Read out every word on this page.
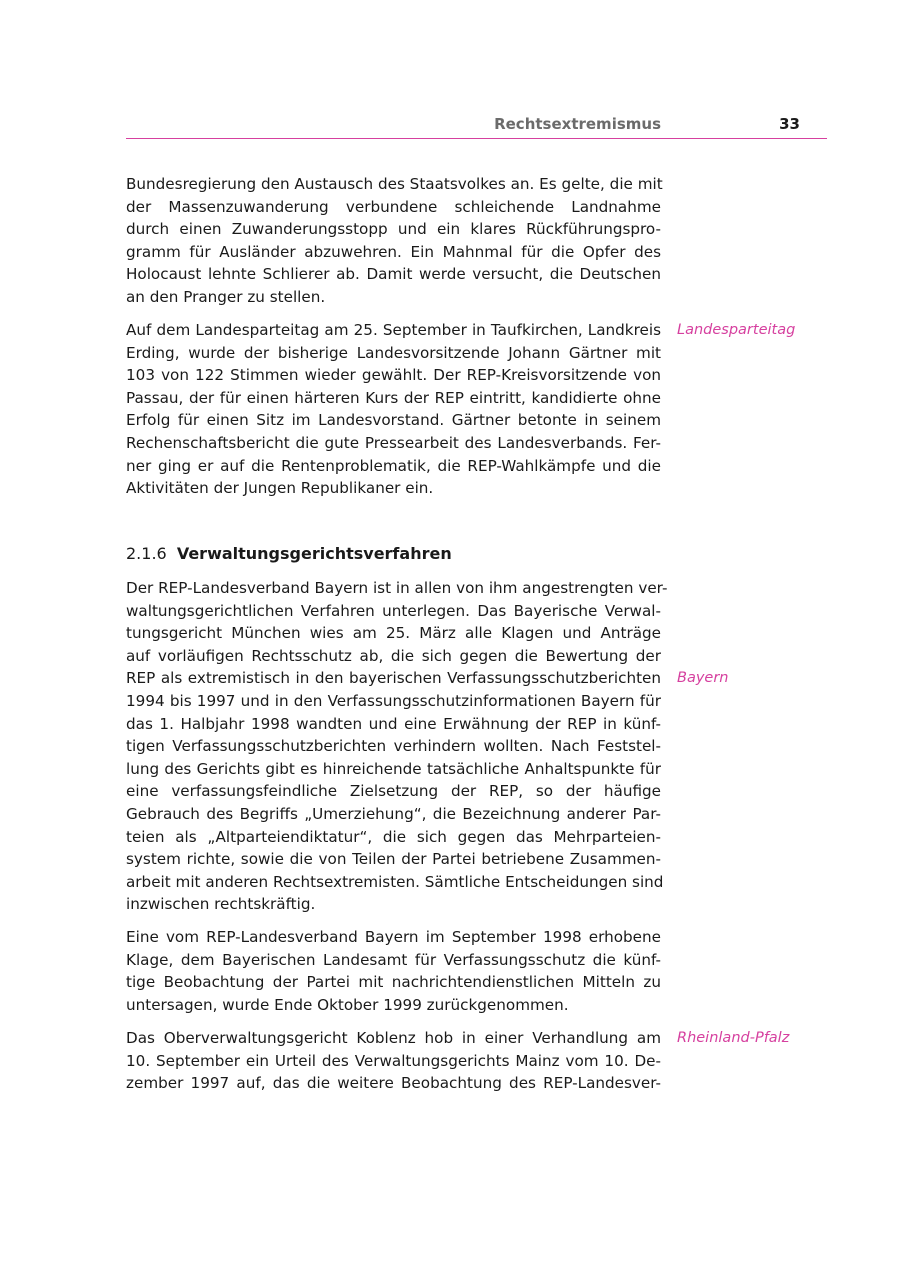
Rechtsextremismus	33

Bundesregierung den Austausch des Staatsvolkes an. Es gelte, die mit
der Massenzuwanderung verbundene schleichende Landnahme
durch einen Zuwanderungsstopp und ein klares Rückführungspro-
gramm für Ausländer abzuwehren. Ein Mahnmal für die Opfer des
Holocaust lehnte Schlierer ab. Damit werde versucht, die Deutschen
an den Pranger zu stellen.

Auf dem Landesparteitag am 25. September in Taufkirchen, Landkreis
Erding, wurde der bisherige Landesvorsitzende Johann Gärtner mit
103 von 122 Stimmen wieder gewählt. Der REP-Kreisvorsitzende von
Passau, der für einen härteren Kurs der REP eintritt, kandidierte ohne
Erfolg für einen Sitz im Landesvorstand. Gärtner betonte in seinem
Rechenschaftsbericht die gute Pressearbeit des Landesverbands. Fer-
ner ging er auf die Rentenproblematik, die REP-Wahlkämpfe und die
Aktivitäten der Jungen Republikaner ein.

Landesparteitag
2.1.6 Verwaltungsgerichtsverfahren

Der REP-Landesverband Bayern ist in allen von ihm angestrengten ver-
waltungsgerichtlichen Verfahren unterlegen. Das Bayerische Verwal-
tungsgericht München wies am 25. März alle Klagen und Anträge
auf vorläufigen Rechtsschutz ab, die sich gegen die Bewertung der
REP als extremistisch in den bayerischen Verfassungsschutzberichten
1994 bis 1997 und in den Verfassungsschutzinformationen Bayern für
das 1. Halbjahr 1998 wandten und eine Erwähnung der REP in künf-
tigen Verfassungsschutzberichten verhindern wollten. Nach Feststel-
lung des Gerichts gibt es hinreichende tatsächliche Anhaltspunkte für
eine verfassungsfeindliche Zielsetzung der REP, so der häufige
Gebrauch des Begriffs „Umerziehung“, die Bezeichnung anderer Par-
teien als „Altparteiendiktatur“, die sich gegen das Mehrparteien-
system richte, sowie die von Teilen der Partei betriebene Zusammen-
arbeit mit anderen Rechtsextremisten. Sämtliche Entscheidungen sind
inzwischen rechtskräftig.

Bayern

Eine vom REP-Landesverband Bayern im September 1998 erhobene
Klage, dem Bayerischen Landesamt für Verfassungsschutz die künf-
tige Beobachtung der Partei mit nachrichtendienstlichen Mitteln zu
untersagen, wurde Ende Oktober 1999 zurückgenommen.

Das Oberverwaltungsgericht Koblenz hob in einer Verhandlung am
10. September ein Urteil des Verwaltungsgerichts Mainz vom 10. De-
zember 1997 auf, das die weitere Beobachtung des REP-Landesver-

Rheinland-Pfalz
